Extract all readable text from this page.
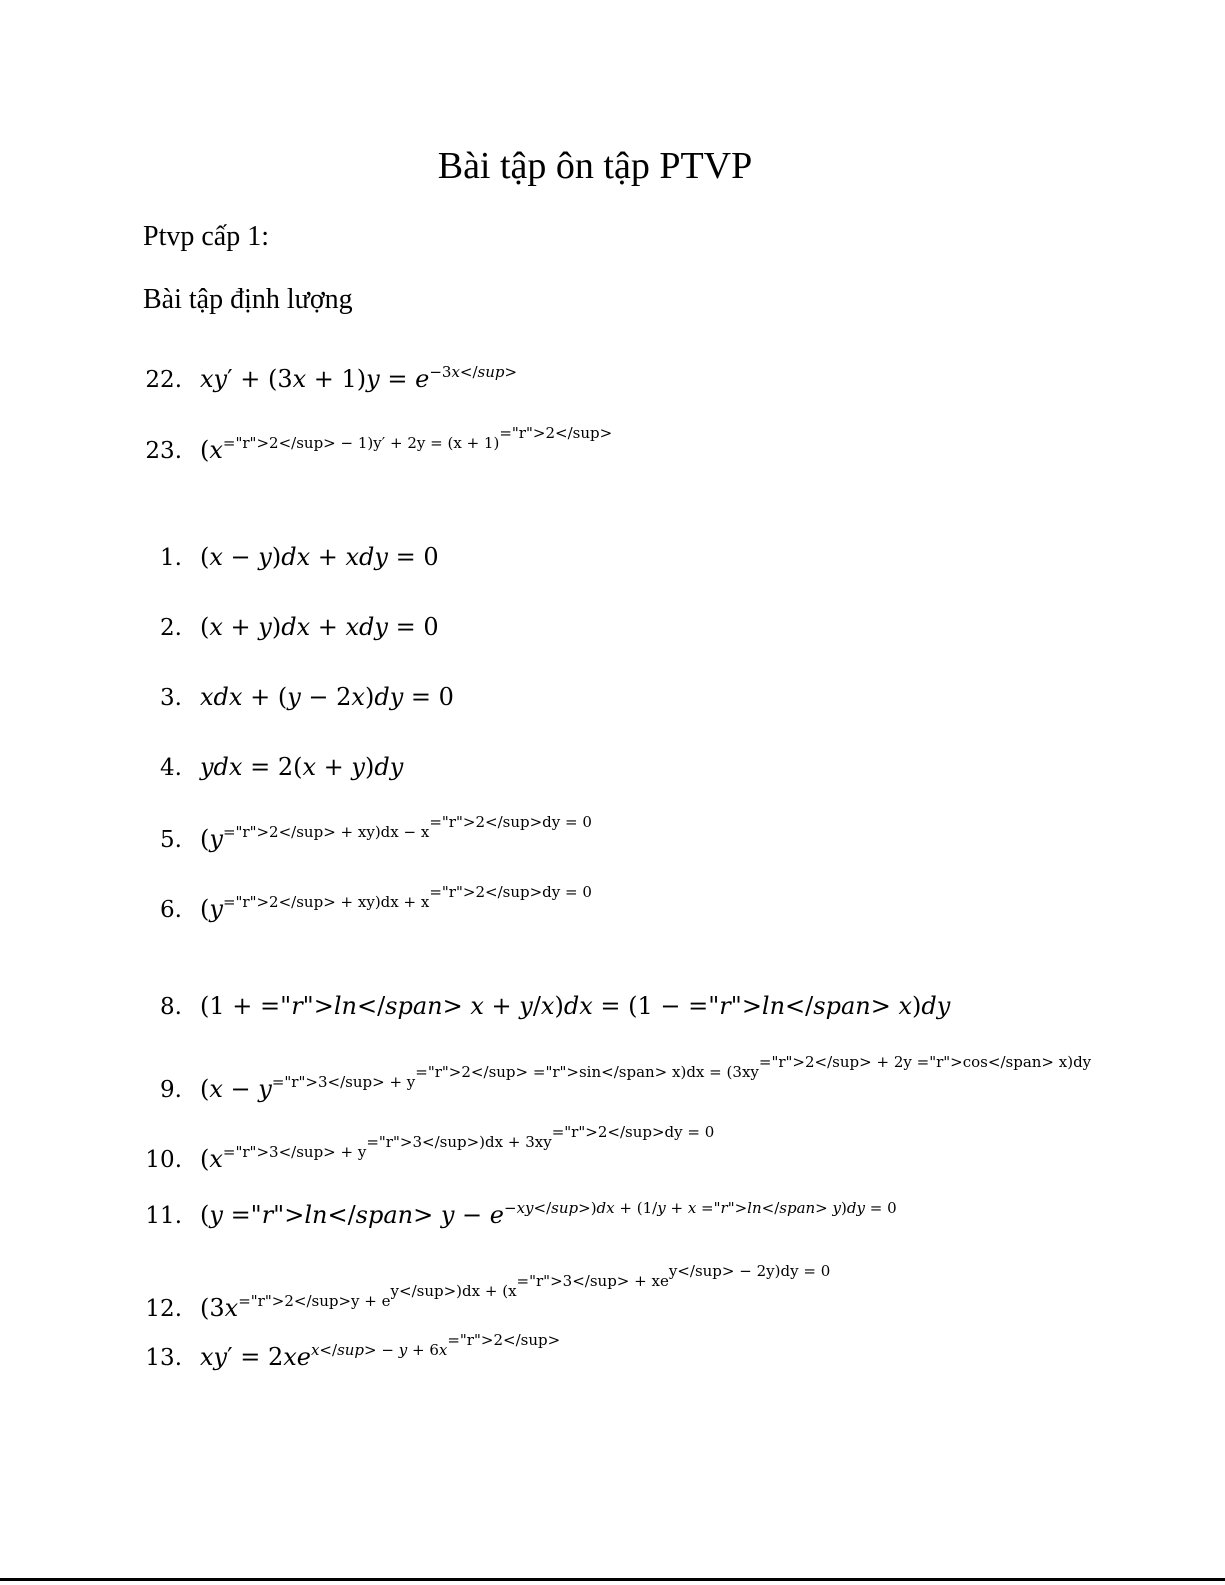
Bài tập ôn tập PTVP
Ptvp cấp 1:
Bài tập định lượng
22. $xy' + (3x + 1)y = e^{-3x</sup>}$
23. ($x^{="r">2</sup> - 1)y' + 2y = (x + 1)^{="r">2</sup>}}$
1. (x − y)dx + xdy = 0
2. (x + y)dx + xdy = 0
3. xdx + (y − 2x)dy = 0
4. ydx = 2(x + y)dy
5. ($y^{="r">2</sup> + xy)dx - x^{="r">2</sup>dy = 0}}$
6. ($y^{="r">2</sup> + xy)dx + x^{="r">2</sup>dy = 0}}$
8. (1 + ="r">ln</span> x + y/x)dx = (1 − ="r">ln</span> x)dy
9. ($x - y^{="r">3</sup> + y^{="r">2</sup> ="r">sin</span> x)dx = (3xy^{="r">2</sup> + 2y ="r">cos</span> x)dy}}}$
10. ($x^{="r">3</sup> + y^{="r">3</sup>)dx + 3xy^{="r">2</sup>dy = 0}}}$
11. (y ="r">ln</span> $y - e^{-xy</sup>)dx + (1/y + x ="r">ln</span> y)dy = 0}$
12. ($3x^{="r">2</sup>y + e^{y</sup>)dx + (x^{="r">3</sup> + xe^{y</sup> - 2y)dy = 0}}}}$
13. $xy' = 2xe^{x</sup> - y + 6x^{="r">2</sup>}}$
